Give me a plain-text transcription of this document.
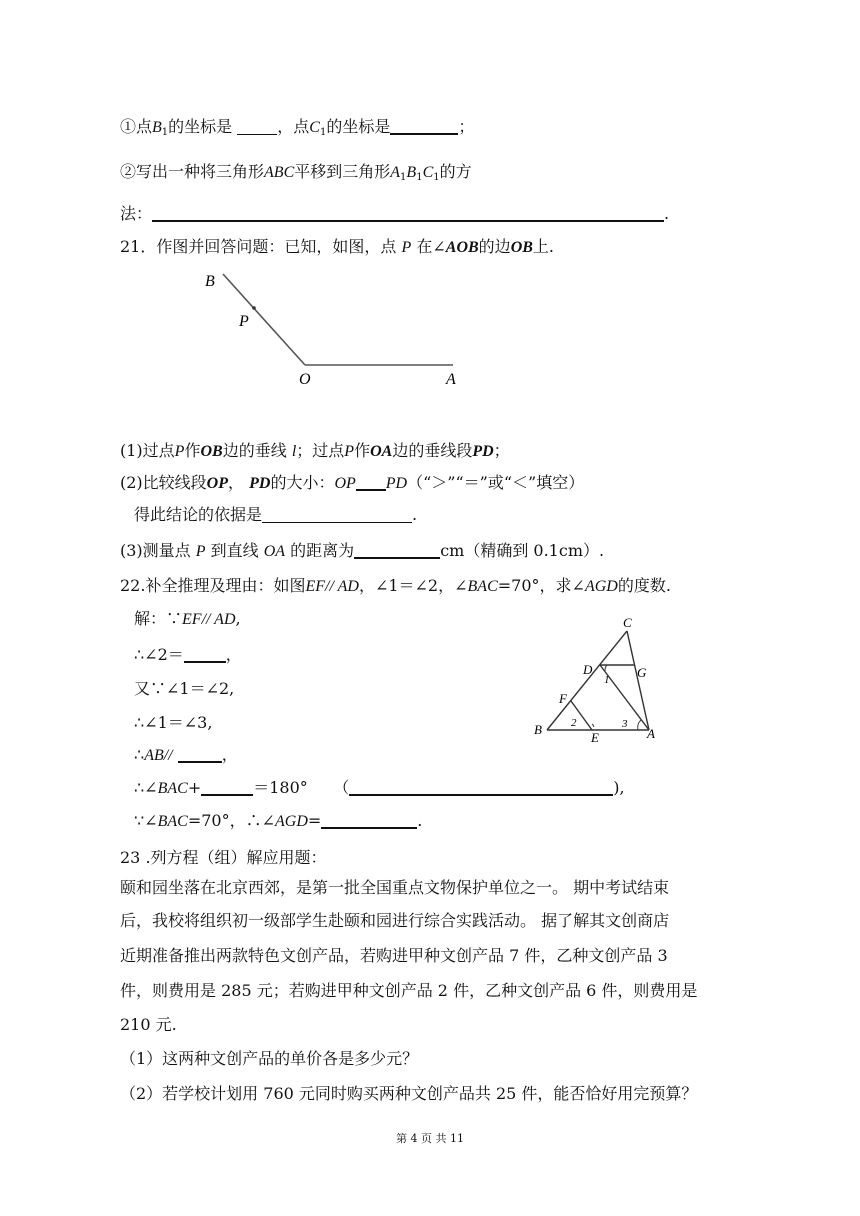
①点$B_1$的坐标是	，点$C_1$的坐标是	；
②写出一种将三角形ABC平移到三角形$A_1B_1C_1$的方
法：	.
21．作图并回答问题：已知，如图，点 P 在∠AOB的边OB上.
B
P
O	A
(1)过点P作OB边的垂线 l；过点P作OA边的垂线段PD；
(2)比较线段OP， PD的大小：OP PD（“＞”“＝”或“＜”填空）
得此结论的依据是	.
(3)测量点 P 到直线 OA 的距离为	cm（精确到 0.1cm）.
22.补全推理及理由：如图EF// AD，∠1＝∠2，∠BAC=70°，求∠AGD的度数.
解：∵EF// AD,
∴∠2＝	，
又∵∠1＝∠2,
∴∠1＝∠3,
∴AB//	，
∴∠BAC+	＝180° （	),
∵∠BAC=70°，∴∠AGD=	.
C
D	G
F
B
E	A
1
2	3
23 .列方程（组）解应用题：
颐和园坐落在北京西郊，是第一批全国重点文物保护单位之一。 期中考试结束
后，我校将组织初一级部学生赴颐和园进行综合实践活动。 据了解其文创商店
近期准备推出两款特色文创产品，若购进甲种文创产品 7 件，乙种文创产品 3
件，则费用是 285 元；若购进甲种文创产品 2 件，乙种文创产品 6 件，则费用是
210 元.
（1）这两种文创产品的单价各是多少元？
（2）若学校计划用 760 元同时购买两种文创产品共 25 件，能否恰好用完预算？
第 4 页 共 11
